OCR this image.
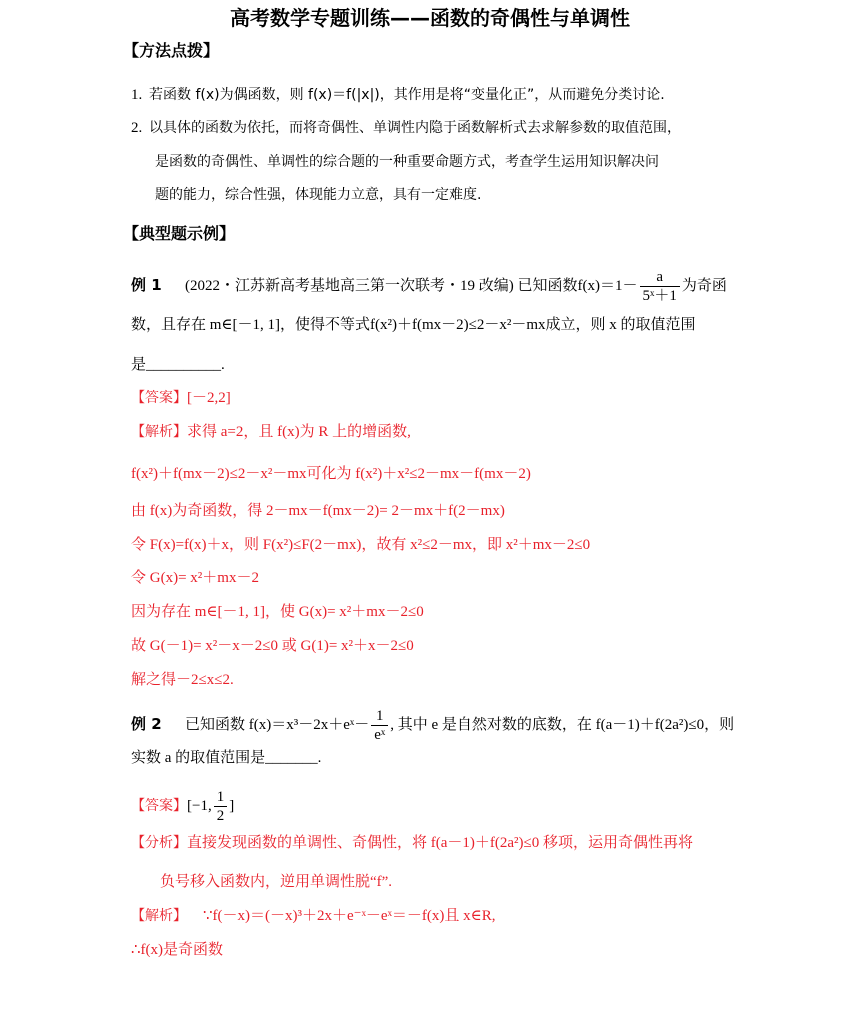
高考数学专题训练——函数的奇偶性与单调性
【方法点拨】
1. 若函数 f(x)为偶函数，则 f(x)＝f(|x|)，其作用是将“变量化正”，从而避免分类讨论.
2. 以具体的函数为依托，而将奇偶性、单调性内隐于函数解析式去求解参数的取值范围，
是函数的奇偶性、单调性的综合题的一种重要命题方式，考查学生运用知识解决问
题的能力，综合性强，体现能力立意，具有一定难度.
【典型题示例】
例 1 (2022・江苏新高考基地高三第一次联考・19 改编) 已知函数$f(x)=1- \frac{a}{\text{5ˣ＋1}}$ 为奇函
数，且存在 m∈[－1, 1]，使得不等式f(x²)＋f(mx－2)≤2－x²－mx成立，则 x 的取值范围
是__________.
【答案】[－2,2]
【解析】求得 a=2，且 f(x)为 R 上的增函数,
f(x²)＋f(mx－2)≤2－x²－mx可化为 f(x²)＋x²≤2－mx－f(mx－2)
由 f(x)为奇函数，得 2－mx－f(mx－2)= 2－mx＋f(2－mx)
令 F(x)=f(x)＋x，则 F(x²)≤F(2－mx)，故有 x²≤2－mx，即 x²＋mx－2≤0
令 G(x)= x²＋mx－2
因为存在 m∈[－1, 1]，使 G(x)= x²＋mx－2≤0
故 G(－1)= x²－x－2≤0 或 G(1)= x²＋x－2≤0
解之得－2≤x≤2.
例 2 已知函数 f(x)＝x³－2x＋eˣ－ $\frac{1}{\text{eˣ}}$ , 其中 e 是自然对数的底数，在 f(a－1)＋f(2a²)≤0，则
实数 a 的取值范围是_______.
【答案】[−1, $\frac{1}{2}$ ]
【分析】直接发现函数的单调性、奇偶性，将 f(a－1)＋f(2a²)≤0 移项，运用奇偶性再将
负号移入函数内，逆用单调性脱“f”.
【解析】 ∵f(－x)＝(－x)³＋2x＋e⁻ˣ－eˣ＝－f(x)且 x∈R,
∴f(x)是奇函数
